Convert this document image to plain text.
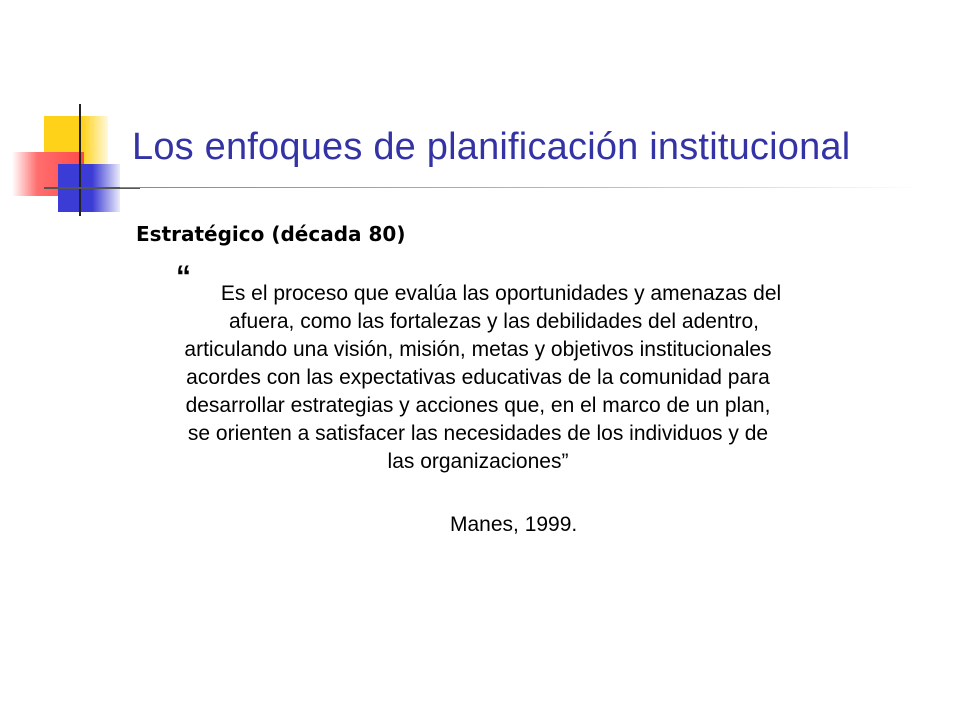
Los enfoques de planificación institucional
Estratégico (década 80)
“
Es el proceso que evalúa las oportunidades y amenazas del
afuera, como las fortalezas y las debilidades del adentro,
articulando una visión, misión, metas y objetivos institucionales
acordes con las expectativas educativas de la comunidad para
desarrollar estrategias y acciones que, en el marco de un plan,
se orienten a satisfacer las necesidades de los individuos y de
las organizaciones”
Manes, 1999.
